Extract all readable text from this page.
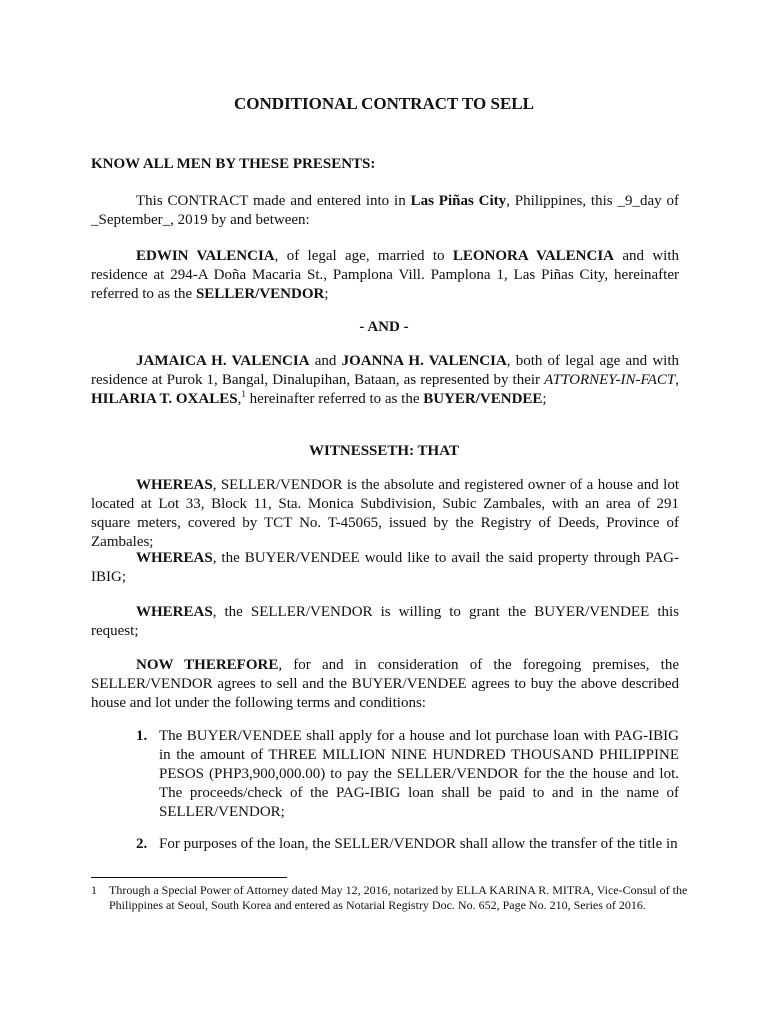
CONDITIONAL CONTRACT TO SELL
KNOW ALL MEN BY THESE PRESENTS:
This CONTRACT made and entered into in Las Piñas City, Philippines, this _9_day of _September_, 2019 by and between:
EDWIN VALENCIA, of legal age, married to LEONORA VALENCIA and with residence at 294-A Doña Macaria St., Pamplona Vill. Pamplona 1, Las Piñas City, hereinafter referred to as the SELLER/VENDOR;
- AND -
JAMAICA H. VALENCIA and JOANNA H. VALENCIA, both of legal age and with residence at Purok 1, Bangal, Dinalupihan, Bataan, as represented by their ATTORNEY-IN-FACT, HILARIA T. OXALES,$^1$ hereinafter referred to as the BUYER/VENDEE;
WITNESSETH: THAT
WHEREAS, SELLER/VENDOR is the absolute and registered owner of a house and lot located at Lot 33, Block 11, Sta. Monica Subdivision, Subic Zambales, with an area of 291 square meters, covered by TCT No. T-45065, issued by the Registry of Deeds, Province of Zambales;
WHEREAS, the BUYER/VENDEE would like to avail the said property through PAG-IBIG;
WHEREAS, the SELLER/VENDOR is willing to grant the BUYER/VENDEE this request;
NOW THEREFORE, for and in consideration of the foregoing premises, the SELLER/VENDOR agrees to sell and the BUYER/VENDEE agrees to buy the above described house and lot under the following terms and conditions:
1. The BUYER/VENDEE shall apply for a house and lot purchase loan with PAG-IBIG in the amount of THREE MILLION NINE HUNDRED THOUSAND PHILIPPINE PESOS (PHP3,900,000.00) to pay the SELLER/VENDOR for the the house and lot. The proceeds/check of the PAG-IBIG loan shall be paid to and in the name of SELLER/VENDOR;
2. For purposes of the loan, the SELLER/VENDOR shall allow the transfer of the title in
1 Through a Special Power of Attorney dated May 12, 2016, notarized by ELLA KARINA R. MITRA, Vice-Consul of the Philippines at Seoul, South Korea and entered as Notarial Registry Doc. No. 652, Page No. 210, Series of 2016.
